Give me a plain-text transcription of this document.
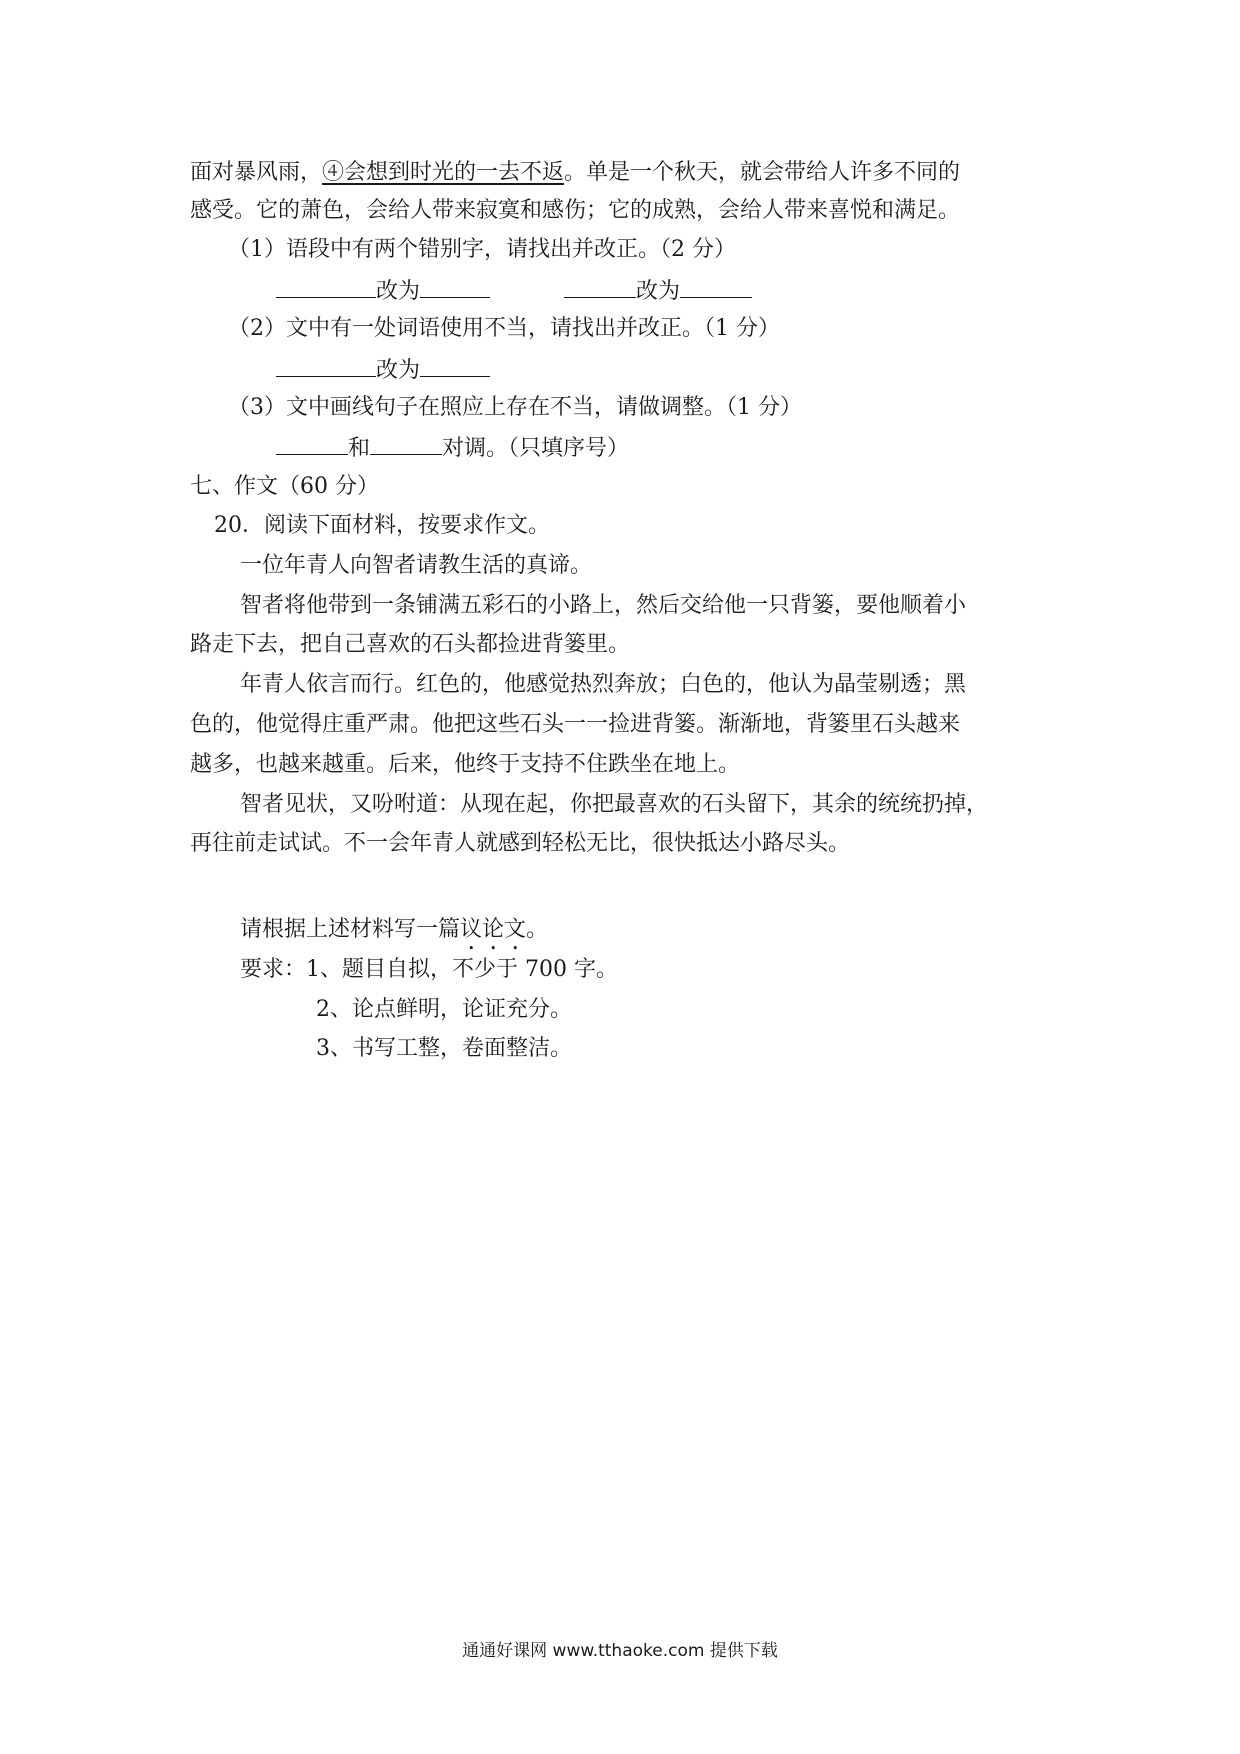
面对暴风雨，④会想到时光的一去不返。单是一个秋天，就会带给人许多不同的
感受。它的萧色，会给人带来寂寞和感伤；它的成熟，会给人带来喜悦和满足。
（1）语段中有两个错别字，请找出并改正。（2 分）
改为	改为
（2）文中有一处词语使用不当，请找出并改正。（1 分）
改为
（3）文中画线句子在照应上存在不当，请做调整。（1 分）
和	对调。（只填序号）
七、作文（60 分）
20．阅读下面材料，按要求作文。
一位年青人向智者请教生活的真谛。
智者将他带到一条铺满五彩石的小路上，然后交给他一只背篓，要他顺着小
路走下去，把自己喜欢的石头都捡进背篓里。
年青人依言而行。红色的，他感觉热烈奔放；白色的，他认为晶莹剔透；黑
色的，他觉得庄重严肃。他把这些石头一一捡进背篓。渐渐地，背篓里石头越来
越多，也越来越重。后来，他终于支持不住跌坐在地上。
智者见状，又吩咐道：从现在起，你把最喜欢的石头留下，其余的统统扔掉，
再往前走试试。不一会年青人就感到轻松无比，很快抵达小路尽头。
请根据上述材料写一篇议论文。
要求：1、题目自拟，不少于 700 字。
2、论点鲜明，论证充分。
3、书写工整，卷面整洁。
通通好课网 www.tthaoke.com 提供下载
